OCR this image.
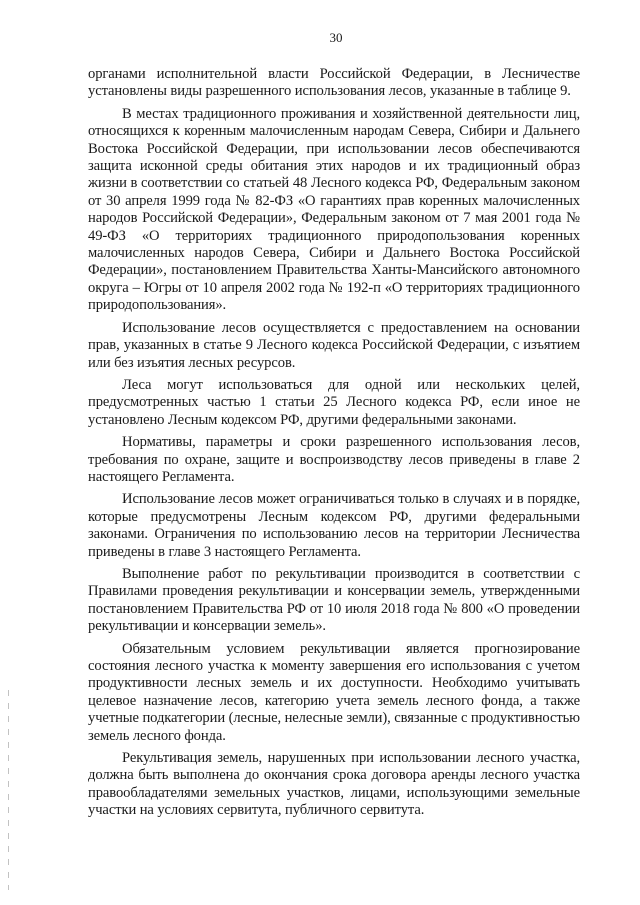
30

органами исполнительной власти Российской Федерации, в Лесничестве установлены виды разрешенного использования лесов, указанные в таблице 9.

В местах традиционного проживания и хозяйственной деятельности лиц, относящихся к коренным малочисленным народам Севера, Сибири и Дальнего Востока Российской Федерации, при использовании лесов обеспечиваются защита исконной среды обитания этих народов и их традиционный образ жизни в соответствии со статьей 48 Лесного кодекса РФ, Федеральным законом от 30 апреля 1999 года № 82-ФЗ «О гарантиях прав коренных малочисленных народов Российской Федерации», Федеральным законом от 7 мая 2001 года № 49-ФЗ «О территориях традиционного природопользования коренных малочисленных народов Севера, Сибири и Дальнего Востока Российской Федерации», постановлением Правительства Ханты-Мансийского автономного округа – Югры от 10 апреля 2002 года № 192-п «О территориях традиционного природопользования».

Использование лесов осуществляется с предоставлением на основании прав, указанных в статье 9 Лесного кодекса Российской Федерации, с изъятием или без изъятия лесных ресурсов.

Леса могут использоваться для одной или нескольких целей, предусмотренных частью 1 статьи 25 Лесного кодекса РФ, если иное не установлено Лесным кодексом РФ, другими федеральными законами.

Нормативы, параметры и сроки разрешенного использования лесов, требования по охране, защите и воспроизводству лесов приведены в главе 2 настоящего Регламента.

Использование лесов может ограничиваться только в случаях и в порядке, которые предусмотрены Лесным кодексом РФ, другими федеральными законами. Ограничения по использованию лесов на территории Лесничества приведены в главе 3 настоящего Регламента.

Выполнение работ по рекультивации производится в соответствии с Правилами проведения рекультивации и консервации земель, утвержденными постановлением Правительства РФ от 10 июля 2018 года № 800 «О проведении рекультивации и консервации земель».

Обязательным условием рекультивации является прогнозирование состояния лесного участка к моменту завершения его использования с учетом продуктивности лесных земель и их доступности. Необходимо учитывать целевое назначение лесов, категорию учета земель лесного фонда, а также учетные подкатегории (лесные, нелесные земли), связанные с продуктивностью земель лесного фонда.

Рекультивация земель, нарушенных при использовании лесного участка, должна быть выполнена до окончания срока договора аренды лесного участка правообладателями земельных участков, лицами, использующими земельные участки на условиях сервитута, публичного сервитута.
